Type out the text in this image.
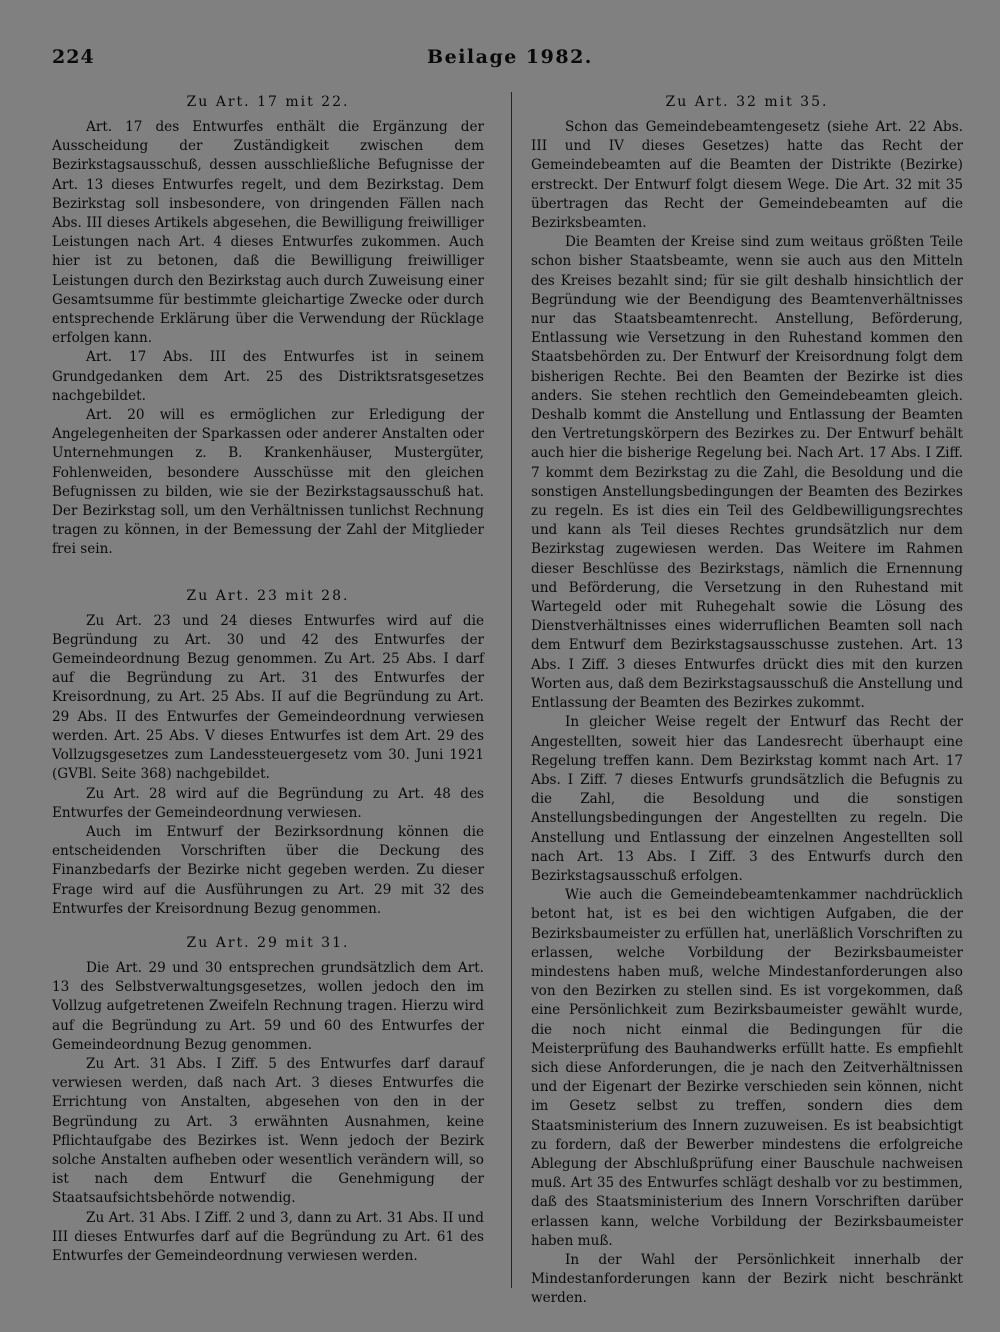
224	Beilage 1982.
Zu Art. 17 mit 22.

Art. 17 des Entwurfes enthält die Ergänzung der Ausscheidung der Zuständigkeit zwischen dem Bezirkstagsausschuß, dessen ausschließliche Befugnisse der Art. 13 dieses Entwurfes regelt, und dem Bezirkstag. Dem Bezirkstag soll insbesondere, von dringenden Fällen nach Abs. III dieses Artikels abgesehen, die Bewilligung freiwilliger Leistungen nach Art. 4 dieses Entwurfes zukommen. Auch hier ist zu betonen, daß die Bewilligung freiwilliger Leistungen durch den Bezirkstag auch durch Zuweisung einer Gesamtsumme für bestimmte gleichartige Zwecke oder durch entsprechende Erklärung über die Verwendung der Rücklage erfolgen kann.

Art. 17 Abs. III des Entwurfes ist in seinem Grundgedanken dem Art. 25 des Distriktsratsgesetzes nachgebildet.

Art. 20 will es ermöglichen zur Erledigung der Angelegenheiten der Sparkassen oder anderer Anstalten oder Unternehmungen z. B. Krankenhäuser, Mustergüter, Fohlenweiden, besondere Ausschüsse mit den gleichen Befugnissen zu bilden, wie sie der Bezirkstagsausschuß hat. Der Bezirkstag soll, um den Verhältnissen tunlichst Rechnung tragen zu können, in der Bemessung der Zahl der Mitglieder frei sein.

Zu Art. 23 mit 28.

Zu Art. 23 und 24 dieses Entwurfes wird auf die Begründung zu Art. 30 und 42 des Entwurfes der Gemeindeordnung Bezug genommen. Zu Art. 25 Abs. I darf auf die Begründung zu Art. 31 des Entwurfes der Kreisordnung, zu Art. 25 Abs. II auf die Begründung zu Art. 29 Abs. II des Entwurfes der Gemeindeordnung verwiesen werden. Art. 25 Abs. V dieses Entwurfes ist dem Art. 29 des Vollzugsgesetzes zum Landessteuergesetz vom 30. Juni 1921 (GVBl. Seite 368) nachgebildet.

Zu Art. 28 wird auf die Begründung zu Art. 48 des Entwurfes der Gemeindeordnung verwiesen.

Auch im Entwurf der Bezirksordnung können die entscheidenden Vorschriften über die Deckung des Finanzbedarfs der Bezirke nicht gegeben werden. Zu dieser Frage wird auf die Ausführungen zu Art. 29 mit 32 des Entwurfes der Kreisordnung Bezug genommen.

Zu Art. 29 mit 31.

Die Art. 29 und 30 entsprechen grundsätzlich dem Art. 13 des Selbstverwaltungsgesetzes, wollen jedoch den im Vollzug aufgetretenen Zweifeln Rechnung tragen. Hierzu wird auf die Begründung zu Art. 59 und 60 des Entwurfes der Gemeindeordnung Bezug genommen.

Zu Art. 31 Abs. I Ziff. 5 des Entwurfes darf darauf verwiesen werden, daß nach Art. 3 dieses Entwurfes die Errichtung von Anstalten, abgesehen von den in der Begründung zu Art. 3 erwähnten Ausnahmen, keine Pflichtaufgabe des Bezirkes ist. Wenn jedoch der Bezirk solche Anstalten aufheben oder wesentlich verändern will, so ist nach dem Entwurf die Genehmigung der Staatsaufsichtsbehörde notwendig.

Zu Art. 31 Abs. I Ziff. 2 und 3, dann zu Art. 31 Abs. II und III dieses Entwurfes darf auf die Begründung zu Art. 61 des Entwurfes der Gemeindeordnung verwiesen werden.

Zu Art. 32 mit 35.

Schon das Gemeindebeamtengesetz (siehe Art. 22 Abs. III und IV dieses Gesetzes) hatte das Recht der Gemeindebeamten auf die Beamten der Distrikte (Bezirke) erstreckt. Der Entwurf folgt diesem Wege. Die Art. 32 mit 35 übertragen das Recht der Gemeindebeamten auf die Bezirksbeamten.

Die Beamten der Kreise sind zum weitaus größten Teile schon bisher Staatsbeamte, wenn sie auch aus den Mitteln des Kreises bezahlt sind; für sie gilt deshalb hinsichtlich der Begründung wie der Beendigung des Beamtenverhältnisses nur das Staatsbeamtenrecht. Anstellung, Beförderung, Entlassung wie Versetzung in den Ruhestand kommen den Staatsbehörden zu. Der Entwurf der Kreisordnung folgt dem bisherigen Rechte. Bei den Beamten der Bezirke ist dies anders. Sie stehen rechtlich den Gemeindebeamten gleich. Deshalb kommt die Anstellung und Entlassung der Beamten den Vertretungskörpern des Bezirkes zu. Der Entwurf behält auch hier die bisherige Regelung bei. Nach Art. 17 Abs. I Ziff. 7 kommt dem Bezirkstag zu die Zahl, die Besoldung und die sonstigen Anstellungsbedingungen der Beamten des Bezirkes zu regeln. Es ist dies ein Teil des Geldbewilligungsrechtes und kann als Teil dieses Rechtes grundsätzlich nur dem Bezirkstag zugewiesen werden. Das Weitere im Rahmen dieser Beschlüsse des Bezirkstags, nämlich die Ernennung und Beförderung, die Versetzung in den Ruhestand mit Wartegeld oder mit Ruhegehalt sowie die Lösung des Dienstverhältnisses eines widerruflichen Beamten soll nach dem Entwurf dem Bezirkstagsausschusse zustehen. Art. 13 Abs. I Ziff. 3 dieses Entwurfes drückt dies mit den kurzen Worten aus, daß dem Bezirkstagsausschuß die Anstellung und Entlassung der Beamten des Bezirkes zukommt.

In gleicher Weise regelt der Entwurf das Recht der Angestellten, soweit hier das Landesrecht überhaupt eine Regelung treffen kann. Dem Bezirkstag kommt nach Art. 17 Abs. I Ziff. 7 dieses Entwurfs grundsätzlich die Befugnis zu die Zahl, die Besoldung und die sonstigen Anstellungsbedingungen der Angestellten zu regeln. Die Anstellung und Entlassung der einzelnen Angestellten soll nach Art. 13 Abs. I Ziff. 3 des Entwurfs durch den Bezirkstagsausschuß erfolgen.

Wie auch die Gemeindebeamtenkammer nachdrücklich betont hat, ist es bei den wichtigen Aufgaben, die der Bezirksbaumeister zu erfüllen hat, unerläßlich Vorschriften zu erlassen, welche Vorbildung der Bezirksbaumeister mindestens haben muß, welche Mindestanforderungen also von den Bezirken zu stellen sind. Es ist vorgekommen, daß eine Persönlichkeit zum Bezirksbaumeister gewählt wurde, die noch nicht einmal die Bedingungen für die Meisterprüfung des Bauhandwerks erfüllt hatte. Es empfiehlt sich diese Anforderungen, die je nach den Zeitverhältnissen und der Eigenart der Bezirke verschieden sein können, nicht im Gesetz selbst zu treffen, sondern dies dem Staatsministerium des Innern zuzuweisen. Es ist beabsichtigt zu fordern, daß der Bewerber mindestens die erfolgreiche Ablegung der Abschlußprüfung einer Bauschule nachweisen muß. Art 35 des Entwurfes schlägt deshalb vor zu bestimmen, daß des Staatsministerium des Innern Vorschriften darüber erlassen kann, welche Vorbildung der Bezirksbaumeister haben muß.

In der Wahl der Persönlichkeit innerhalb der Mindestanforderungen kann der Bezirk nicht beschränkt werden.
